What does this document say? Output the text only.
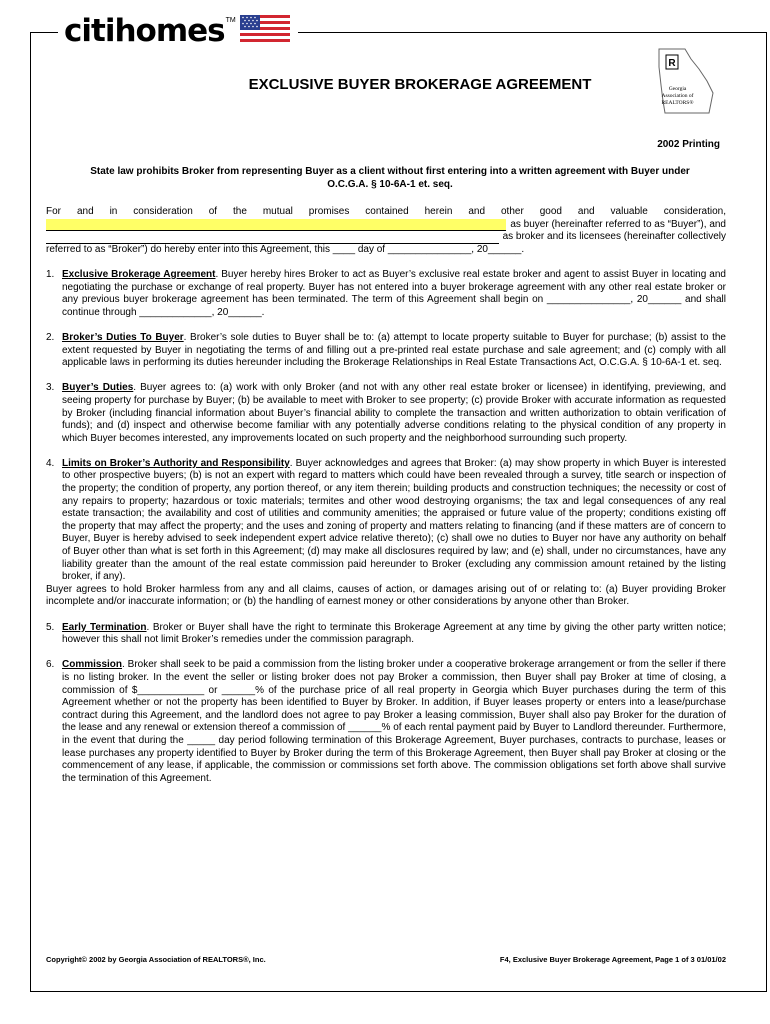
citihomes TM
R
Georgia
Association of
REALTORS®
EXCLUSIVE BUYER BROKERAGE AGREEMENT
2002 Printing
State law prohibits Broker from representing Buyer as a client without first entering into a written agreement with Buyer under O.C.G.A. § 10-6A-1 et. seq.

For and in consideration of the mutual promises contained herein and other good and valuable consideration,

as buyer (hereinafter referred to as “Buyer”), and
as broker and its licensees (hereinafter collectively

referred to as “Broker”) do hereby enter into this Agreement, this ____ day of _______________, 20______.

1. Exclusive Brokerage Agreement. Buyer hereby hires Broker to act as Buyer’s exclusive real estate broker and agent to assist Buyer in locating and negotiating the purchase or exchange of real property. Buyer has not entered into a buyer brokerage agreement with any other real estate broker or any previous buyer brokerage agreement has been terminated. The term of this Agreement shall begin on _______________, 20______ and shall continue through _____________, 20______.
2. Broker’s Duties To Buyer. Broker’s sole duties to Buyer shall be to: (a) attempt to locate property suitable to Buyer for purchase; (b) assist to the extent requested by Buyer in negotiating the terms of and filling out a pre-printed real estate purchase and sale agreement; and (c) comply with all applicable laws in performing its duties hereunder including the Brokerage Relationships in Real Estate Transactions Act, O.C.G.A. § 10-6A-1 et. seq.
3. Buyer’s Duties. Buyer agrees to: (a) work with only Broker (and not with any other real estate broker or licensee) in identifying, previewing, and seeing property for purchase by Buyer; (b) be available to meet with Broker to see property; (c) provide Broker with accurate information as requested by Broker (including financial information about Buyer’s financial ability to complete the transaction and written authorization to obtain verification of funds); and (d) inspect and otherwise become familiar with any potentially adverse conditions relating to the physical condition of any property in which Buyer becomes interested, any improvements located on such property and the neighborhood surrounding such property.
4. Limits on Broker’s Authority and Responsibility. Buyer acknowledges and agrees that Broker: (a) may show property in which Buyer is interested to other prospective buyers; (b) is not an expert with regard to matters which could have been revealed through a survey, title search or inspection of the property; the condition of property, any portion thereof, or any item therein; building products and construction techniques; the necessity or cost of any repairs to property; hazardous or toxic materials; termites and other wood destroying organisms; the tax and legal consequences of any real estate transaction; the availability and cost of utilities and community amenities; the appraised or future value of the property; conditions existing off the property that may affect the property; and the uses and zoning of property and matters relating to financing (and if these matters are of concern to Buyer, Buyer is hereby advised to seek independent expert advice relative thereto); (c) shall owe no duties to Buyer nor have any authority on behalf of Buyer other than what is set forth in this Agreement; (d) may make all disclosures required by law; and (e) shall, under no circumstances, have any liability greater than the amount of the real estate commission paid hereunder to Broker (excluding any commission amount retained by the listing broker, if any).

Buyer agrees to hold Broker harmless from any and all claims, causes of action, or damages arising out of or relating to: (a) Buyer providing Broker incomplete and/or inaccurate information; or (b) the handling of earnest money or other considerations by anyone other than Broker.

5. Early Termination. Broker or Buyer shall have the right to terminate this Brokerage Agreement at any time by giving the other party written notice; however this shall not limit Broker’s remedies under the commission paragraph.
6. Commission. Broker shall seek to be paid a commission from the listing broker under a cooperative brokerage arrangement or from the seller if there is no listing broker. In the event the seller or listing broker does not pay Broker a commission, then Buyer shall pay Broker at time of closing, a commission of $____________ or ______% of the purchase price of all real property in Georgia which Buyer purchases during the term of this Agreement whether or not the property has been identified to Buyer by Broker. In addition, if Buyer leases property or enters into a lease/purchase contract during this Agreement, and the landlord does not agree to pay Broker a leasing commission, Buyer shall also pay Broker for the duration of the lease and any renewal or extension thereof a commission of ______% of each rental payment paid by Buyer to Landlord thereunder. Furthermore, in the event that during the _____ day period following termination of this Brokerage Agreement, Buyer purchases, contracts to purchase, leases or lease purchases any property identified to Buyer by Broker during the term of this Brokerage Agreement, then Buyer shall pay Broker at closing or the commencement of any lease, if applicable, the commission or commissions set forth above. The commission obligations set forth above shall survive the termination of this Agreement.
Copyright© 2002 by Georgia Association of REALTORS®, Inc.	F4, Exclusive Buyer Brokerage Agreement, Page 1 of 3 01/01/02
